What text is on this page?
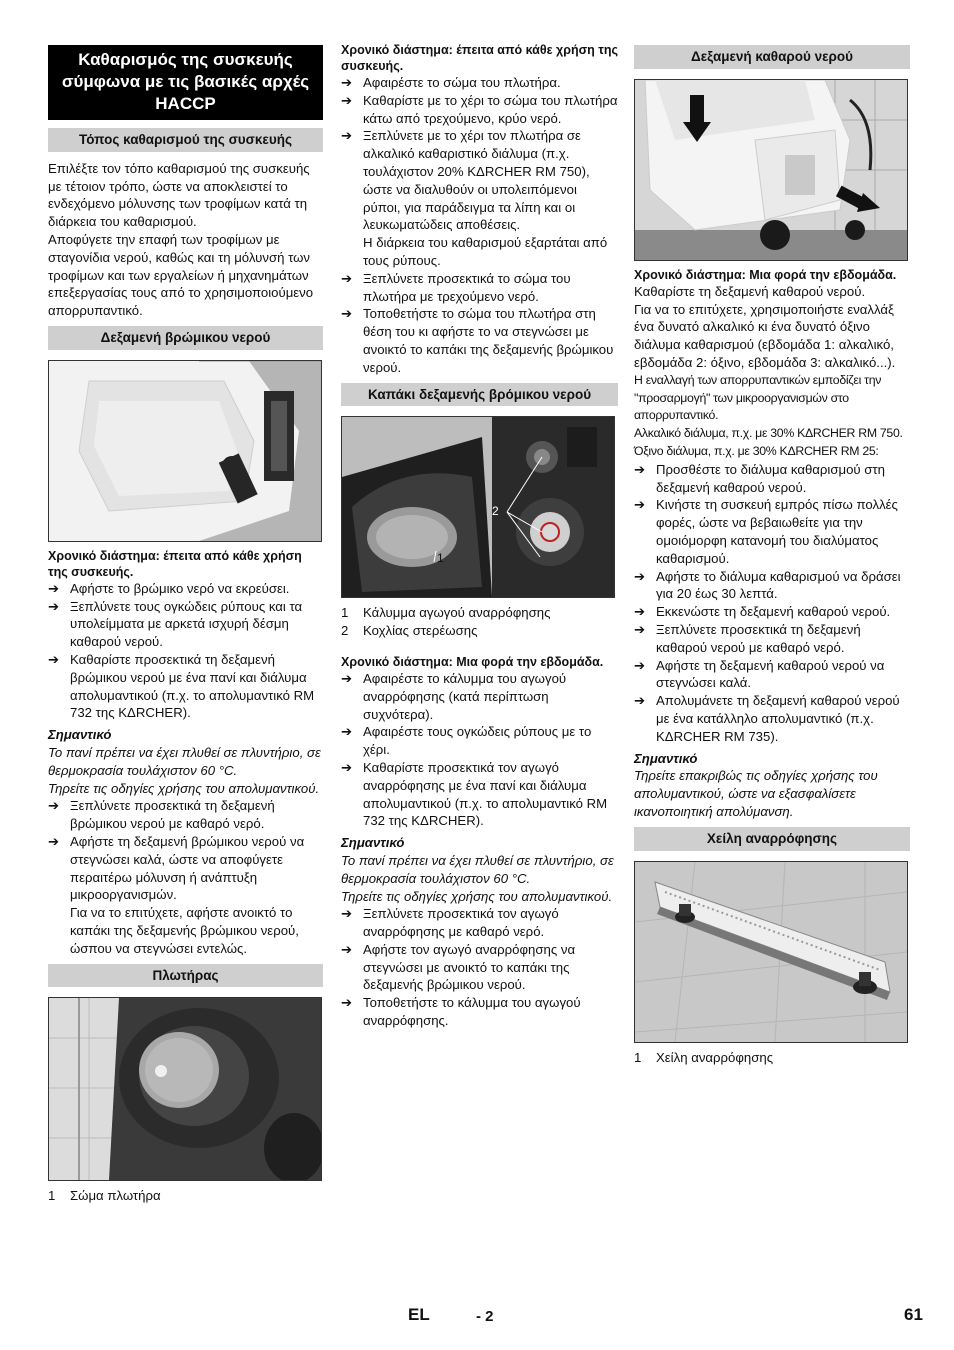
Καθαρισμός της συσκευής σύμφωνα με τις βασικές αρχές HACCP
Τόπος καθαρισμού της συσκευής

Επιλέξτε τον τόπο καθαρισμού της συσκευής με τέτοιον τρόπο, ώστε να αποκλειστεί το ενδεχόμενο μόλυνσης των τροφίμων κατά τη διάρκεια του καθαρισμού.

Αποφύγετε την επαφή των τροφίμων με σταγονίδια νερού, καθώς και τη μόλυνσή των τροφίμων και των εργαλείων ή μηχανημάτων επεξεργασίας τους από το χρησιμοποιούμενο απορρυπαντικό.

Δεξαμενή βρώμικου νερού
Χρονικό διάστημα: έπειτα από κάθε χρήση της συσκευής.
➔ Αφήστε το βρώμικο νερό να εκρεύσει.
➔ Ξεπλύνετε τους ογκώδεις ρύπους και τα υπολείμματα με αρκετά ισχυρή δέσμη καθαρού νερού.
➔ Καθαρίστε προσεκτικά τη δεξαμενή βρώμικου νερού με ένα πανί και διάλυμα απολυμαντικού (π.χ. το απολυμαντικό RM 732 της KΔRCHER).
Σημαντικό
Το πανί πρέπει να έχει πλυθεί σε πλυντήριο, σε θερμοκρασία τουλάχιστον 60 °C.
Τηρείτε τις οδηγίες χρήσης του απολυμαντικού.
➔ Ξεπλύνετε προσεκτικά τη δεξαμενή βρώμικου νερού με καθαρό νερό.
➔ Αφήστε τη δεξαμενή βρώμικου νερού να στεγνώσει καλά, ώστε να αποφύγετε περαιτέρω μόλυνση ή ανάπτυξη μικροοργανισμών.
Για να το επιτύχετε, αφήστε ανοικτό το καπάκι της δεξαμενής βρώμικου νερού, ώσπου να στεγνώσει εντελώς.
Πλωτήρας
1 Σώμα πλωτήρα
Χρονικό διάστημα: έπειτα από κάθε χρήση της συσκευής.
➔ Αφαιρέστε το σώμα του πλωτήρα.
➔ Καθαρίστε με το χέρι το σώμα του πλωτήρα κάτω από τρεχούμενο, κρύο νερό.
➔ Ξεπλύνετε με το χέρι τον πλωτήρα σε αλκαλικό καθαριστικό διάλυμα (π.χ. τουλάχιστον 20% KΔRCHER RM 750), ώστε να διαλυθούν οι υπολειπόμενοι ρύποι, για παράδειγμα τα λίπη και οι λευκωματώδεις αποθέσεις.
Η διάρκεια του καθαρισμού εξαρτάται από τους ρύπους.
➔ Ξεπλύνετε προσεκτικά το σώμα του πλωτήρα με τρεχούμενο νερό.
➔ Τοποθετήστε το σώμα του πλωτήρα στη θέση του κι αφήστε το να στεγνώσει με ανοικτό το καπάκι της δεξαμενής βρώμικου νερού.
Καπάκι δεξαμενής βρόμικου νερού
1
2
1 Κάλυμμα αγωγού αναρρόφησης
2 Κοχλίας στερέωσης
Χρονικό διάστημα: Μια φορά την εβδομάδα.
➔ Αφαιρέστε το κάλυμμα του αγωγού αναρρόφησης (κατά περίπτωση συχνότερα).
➔ Αφαιρέστε τους ογκώδεις ρύπους με το χέρι.
➔ Καθαρίστε προσεκτικά τον αγωγό αναρρόφησης με ένα πανί και διάλυμα απολυμαντικού (π.χ. το απολυμαντικό RM 732 της KΔRCHER).
Σημαντικό
Το πανί πρέπει να έχει πλυθεί σε πλυντήριο, σε θερμοκρασία τουλάχιστον 60 °C.
Τηρείτε τις οδηγίες χρήσης του απολυμαντικού.
➔ Ξεπλύνετε προσεκτικά τον αγωγό αναρρόφησης με καθαρό νερό.
➔ Αφήστε τον αγωγό αναρρόφησης να στεγνώσει με ανοικτό το καπάκι της δεξαμενής βρώμικου νερού.
➔ Τοποθετήστε το κάλυμμα του αγωγού αναρρόφησης.
Δεξαμενή καθαρού νερού
Χρονικό διάστημα: Μια φορά την εβδομάδα.

Καθαρίστε τη δεξαμενή καθαρού νερού.

Για να το επιτύχετε, χρησιμοποιήστε εναλλάξ ένα δυνατό αλκαλικό κι ένα δυνατό όξινο διάλυμα καθαρισμού (εβδομάδα 1: αλκαλικό, εβδομάδα 2: όξινο, εβδομάδα 3: αλκαλικό...).

Η εναλλαγή των απορρυπαντικών εμποδίζει την "προσαρμογή" των μικροοργανισμών στο απορρυπαντικό.

Αλκαλικό διάλυμα, π.χ. με 30% KΔRCHER RM 750.

Όξινο διάλυμα, π.χ. με 30% KΔRCHER RM 25:

➔ Προσθέστε το διάλυμα καθαρισμού στη δεξαμενή καθαρού νερού.
➔ Κινήστε τη συσκευή εμπρός πίσω πολλές φορές, ώστε να βεβαιωθείτε για την ομοιόμορφη κατανομή του διαλύματος καθαρισμού.
➔ Αφήστε το διάλυμα καθαρισμού να δράσει για 20 έως 30 λεπτά.
➔ Εκκενώστε τη δεξαμενή καθαρού νερού.
➔ Ξεπλύνετε προσεκτικά τη δεξαμενή καθαρού νερού με καθαρό νερό.
➔ Αφήστε τη δεξαμενή καθαρού νερού να στεγνώσει καλά.
➔ Απολυμάνετε τη δεξαμενή καθαρού νερού με ένα κατάλληλο απολυμαντικό (π.χ. KΔRCHER RM 735).
Σημαντικό
Τηρείτε επακριβώς τις οδηγίες χρήσης του απολυμαντικού, ώστε να εξασφαλίσετε ικανοποιητική απολύμανση.
Χείλη αναρρόφησης
1 Χείλη αναρρόφησης
EL	- 2	61
